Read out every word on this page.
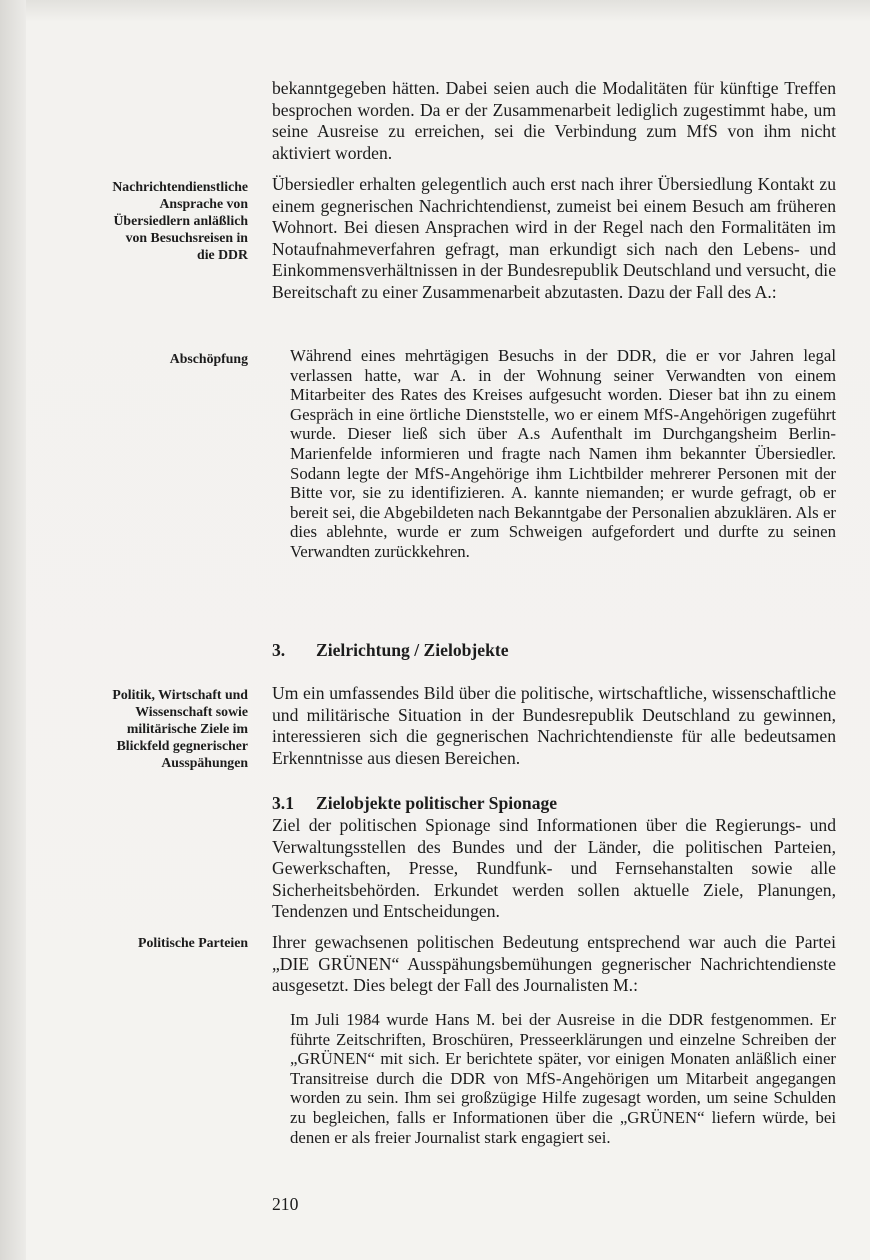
bekanntgegeben hätten. Dabei seien auch die Modalitäten für künftige Treffen besprochen worden. Da er der Zusammenarbeit lediglich zugestimmt habe, um seine Ausreise zu erreichen, sei die Verbindung zum MfS von ihm nicht aktiviert worden.

Nachrichtendienstliche Ansprache von Übersiedlern anläßlich von Besuchsreisen in die DDR

Übersiedler erhalten gelegentlich auch erst nach ihrer Übersiedlung Kontakt zu einem gegnerischen Nachrichtendienst, zumeist bei einem Besuch am früheren Wohnort. Bei diesen Ansprachen wird in der Regel nach den Formalitäten im Notaufnahmeverfahren gefragt, man erkundigt sich nach den Lebens- und Einkommensverhältnissen in der Bundesrepublik Deutschland und versucht, die Bereitschaft zu einer Zusammenarbeit abzutasten. Dazu der Fall des A.:

Abschöpfung	Während eines mehrtägigen Besuchs in der DDR, die er vor Jahren legal verlassen hatte, war A. in der Wohnung seiner Verwandten von einem Mitarbeiter des Rates des Kreises aufgesucht worden. Dieser bat ihn zu einem Gespräch in eine örtliche Dienststelle, wo er einem MfS-Angehörigen zugeführt wurde. Dieser ließ sich über A.s Aufenthalt im Durchgangsheim Berlin-Marienfelde informieren und fragte nach Namen ihm bekannter Übersiedler. Sodann legte der MfS-Angehörige ihm Lichtbilder mehrerer Personen mit der Bitte vor, sie zu identifizieren. A. kannte niemanden; er wurde gefragt, ob er bereit sei, die Abgebildeten nach Bekanntgabe der Personalien abzuklären. Als er dies ablehnte, wurde er zum Schweigen aufgefordert und durfte zu seinen Verwandten zurückkehren.

3. Zielrichtung / Zielobjekte

Politik, Wirtschaft und Wissenschaft sowie militärische Ziele im Blickfeld gegnerischer Ausspähungen

Um ein umfassendes Bild über die politische, wirtschaftliche, wissenschaftliche und militärische Situation in der Bundesrepublik Deutschland zu gewinnen, interessieren sich die gegnerischen Nachrichtendienste für alle bedeutsamen Erkenntnisse aus diesen Bereichen.

3.1 Zielobjekte politischer Spionage

Ziel der politischen Spionage sind Informationen über die Regierungs- und Verwaltungsstellen des Bundes und der Länder, die politischen Parteien, Gewerkschaften, Presse, Rundfunk- und Fernsehanstalten sowie alle Sicherheitsbehörden. Erkundet werden sollen aktuelle Ziele, Planungen, Tendenzen und Entscheidungen.

Politische Parteien Ihrer gewachsenen politischen Bedeutung entsprechend war auch die Partei „DIE GRÜNEN“ Ausspähungsbemühungen gegnerischer Nachrichtendienste ausgesetzt. Dies belegt der Fall des Journalisten M.:

Im Juli 1984 wurde Hans M. bei der Ausreise in die DDR festgenommen. Er führte Zeitschriften, Broschüren, Presseerklärungen und einzelne Schreiben der „GRÜNEN“ mit sich. Er berichtete später, vor einigen Monaten anläßlich einer Transitreise durch die DDR von MfS-Angehörigen um Mitarbeit angegangen worden zu sein. Ihm sei großzügige Hilfe zugesagt worden, um seine Schulden zu begleichen, falls er Informationen über die „GRÜNEN“ liefern würde, bei denen er als freier Journalist stark engagiert sei.

210
